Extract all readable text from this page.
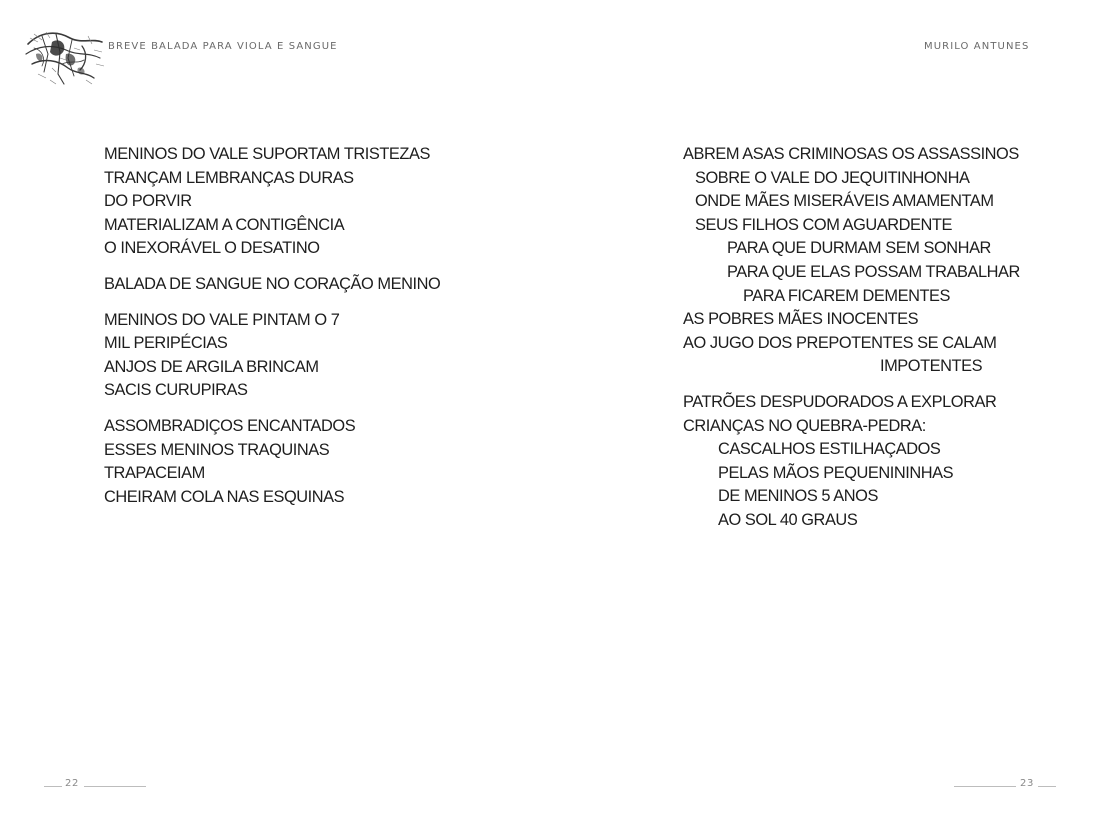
BREVE BALADA PARA VIOLA E SANGUE	MURILO ANTUNES
MENINOS DO VALE SUPORTAM TRISTEZAS
TRANÇAM LEMBRANÇAS DURAS
DO PORVIR
MATERIALIZAM A CONTIGÊNCIA
O INEXORÁVEL O DESATINO
BALADA DE SANGUE NO CORAÇÃO MENINO
MENINOS DO VALE PINTAM O 7
MIL PERIPÉCIAS
ANJOS DE ARGILA BRINCAM
SACIS CURUPIRAS
ASSOMBRADIÇOS ENCANTADOS
ESSES MENINOS TRAQUINAS
TRAPACEIAM
CHEIRAM COLA NAS ESQUINAS
ABREM ASAS CRIMINOSAS OS ASSASSINOS
SOBRE O VALE DO JEQUITINHONHA
ONDE MÃES MISERÁVEIS AMAMENTAM
SEUS FILHOS COM AGUARDENTE
PARA QUE DURMAM SEM SONHAR
PARA QUE ELAS POSSAM TRABALHAR
PARA FICAREM DEMENTES
AS POBRES MÃES INOCENTES
AO JUGO DOS PREPOTENTES SE CALAM
IMPOTENTES
PATRÕES DESPUDORADOS A EXPLORAR
CRIANÇAS NO QUEBRA-PEDRA:
CASCALHOS ESTILHAÇADOS
PELAS MÃOS PEQUENININHAS
DE MENINOS 5 ANOS
AO SOL 40 GRAUS
22	23
